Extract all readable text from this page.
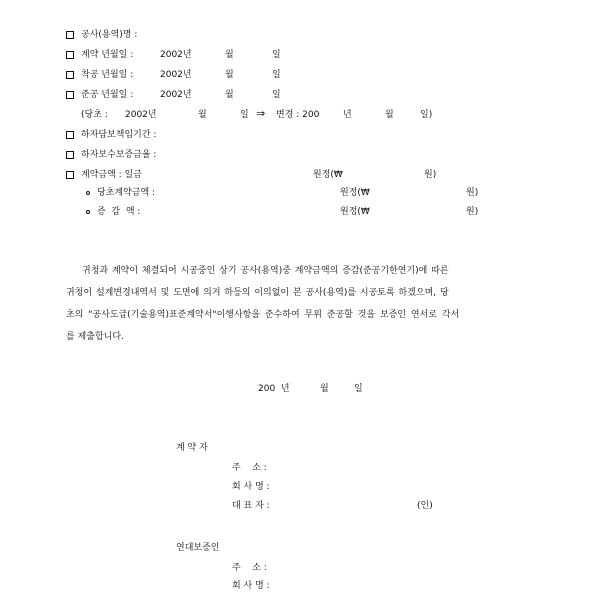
공사(용역)명 :
계약 년월일 :	2002년	월	일
착공 년월일 :	2002년	월	일
준공 년월일 :	2002년	월	일
(당초 : 2002년	월	일 ⇒ 변경 : 200	년	월	일)
하자담보책임기간 :
하자보수보증금율 :
계약금액 : 일금	원정(₩	원)
당초계약금액 :	원정(₩	원)
증  감  액 :	원정(₩	원)
귀청과 계약이 체결되어 시공중인 상기 공사(용역)중 계약금액의 증감(준공기한연기)에 따른
귀청이 설계변경내역서 및 도면에 의거 하등의 이의없이 본 공사(용역)를 시공토록 하겠으며, 당
초의 "공사도급(기술용역)표준계약서"이행사항을 준수하여 무위 준공할 것을 보증인 연서로 각서
를 제출합니다.
200  년	월	일
계 약 자
주    소 :
회 사 명 :
대 표 자 :	(인)
연대보증인
주    소 :
회 사 명 :
